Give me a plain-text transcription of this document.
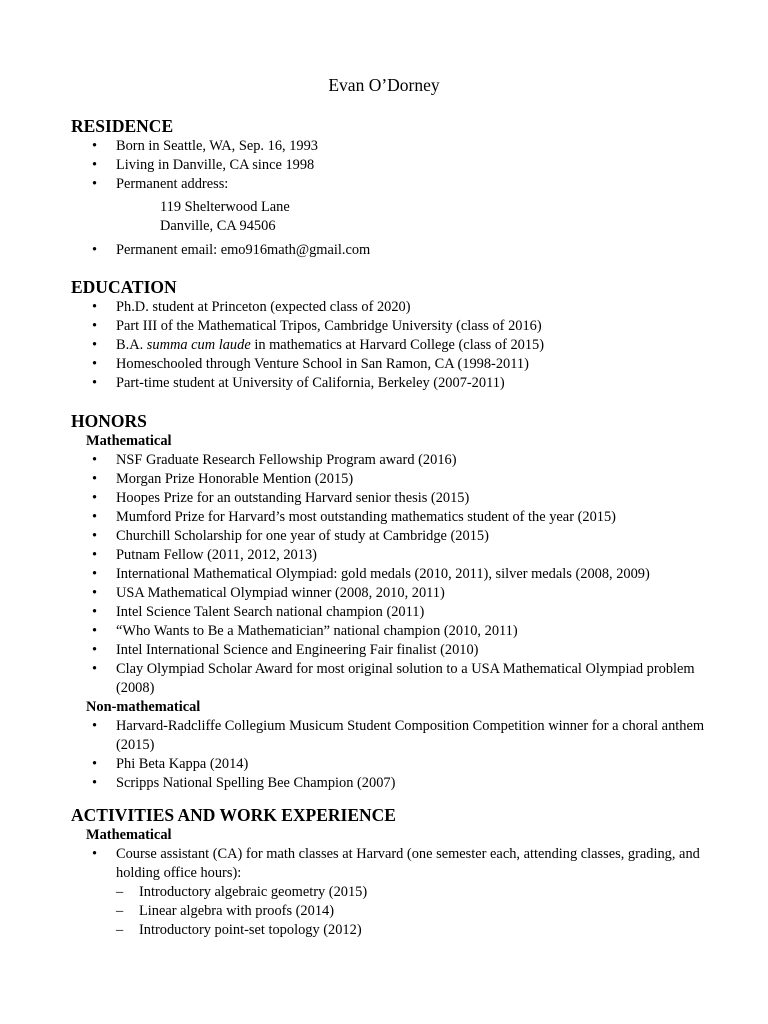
Evan O’Dorney
RESIDENCE
• Born in Seattle, WA, Sep. 16, 1993
• Living in Danville, CA since 1998
• Permanent address:
119 Shelterwood Lane
Danville, CA 94506
• Permanent email: emo916math@gmail.com
EDUCATION
• Ph.D. student at Princeton (expected class of 2020)
• Part III of the Mathematical Tripos, Cambridge University (class of 2016)
• B.A. summa cum laude in mathematics at Harvard College (class of 2015)
• Homeschooled through Venture School in San Ramon, CA (1998-2011)
• Part-time student at University of California, Berkeley (2007-2011)
HONORS
Mathematical
• NSF Graduate Research Fellowship Program award (2016)
• Morgan Prize Honorable Mention (2015)
• Hoopes Prize for an outstanding Harvard senior thesis (2015)
• Mumford Prize for Harvard’s most outstanding mathematics student of the year (2015)
• Churchill Scholarship for one year of study at Cambridge (2015)
• Putnam Fellow (2011, 2012, 2013)
• International Mathematical Olympiad: gold medals (2010, 2011), silver medals (2008, 2009)
• USA Mathematical Olympiad winner (2008, 2010, 2011)
• Intel Science Talent Search national champion (2011)
• “Who Wants to Be a Mathematician” national champion (2010, 2011)
• Intel International Science and Engineering Fair finalist (2010)
• Clay Olympiad Scholar Award for most original solution to a USA Mathematical Olympiad problem (2008)
Non-mathematical
• Harvard-Radcliffe Collegium Musicum Student Composition Competition winner for a choral anthem (2015)
• Phi Beta Kappa (2014)
• Scripps National Spelling Bee Champion (2007)
ACTIVITIES AND WORK EXPERIENCE
Mathematical
• Course assistant (CA) for math classes at Harvard (one semester each, attending classes, grading, and holding office hours):
– Introductory algebraic geometry (2015)
– Linear algebra with proofs (2014)
– Introductory point-set topology (2012)
